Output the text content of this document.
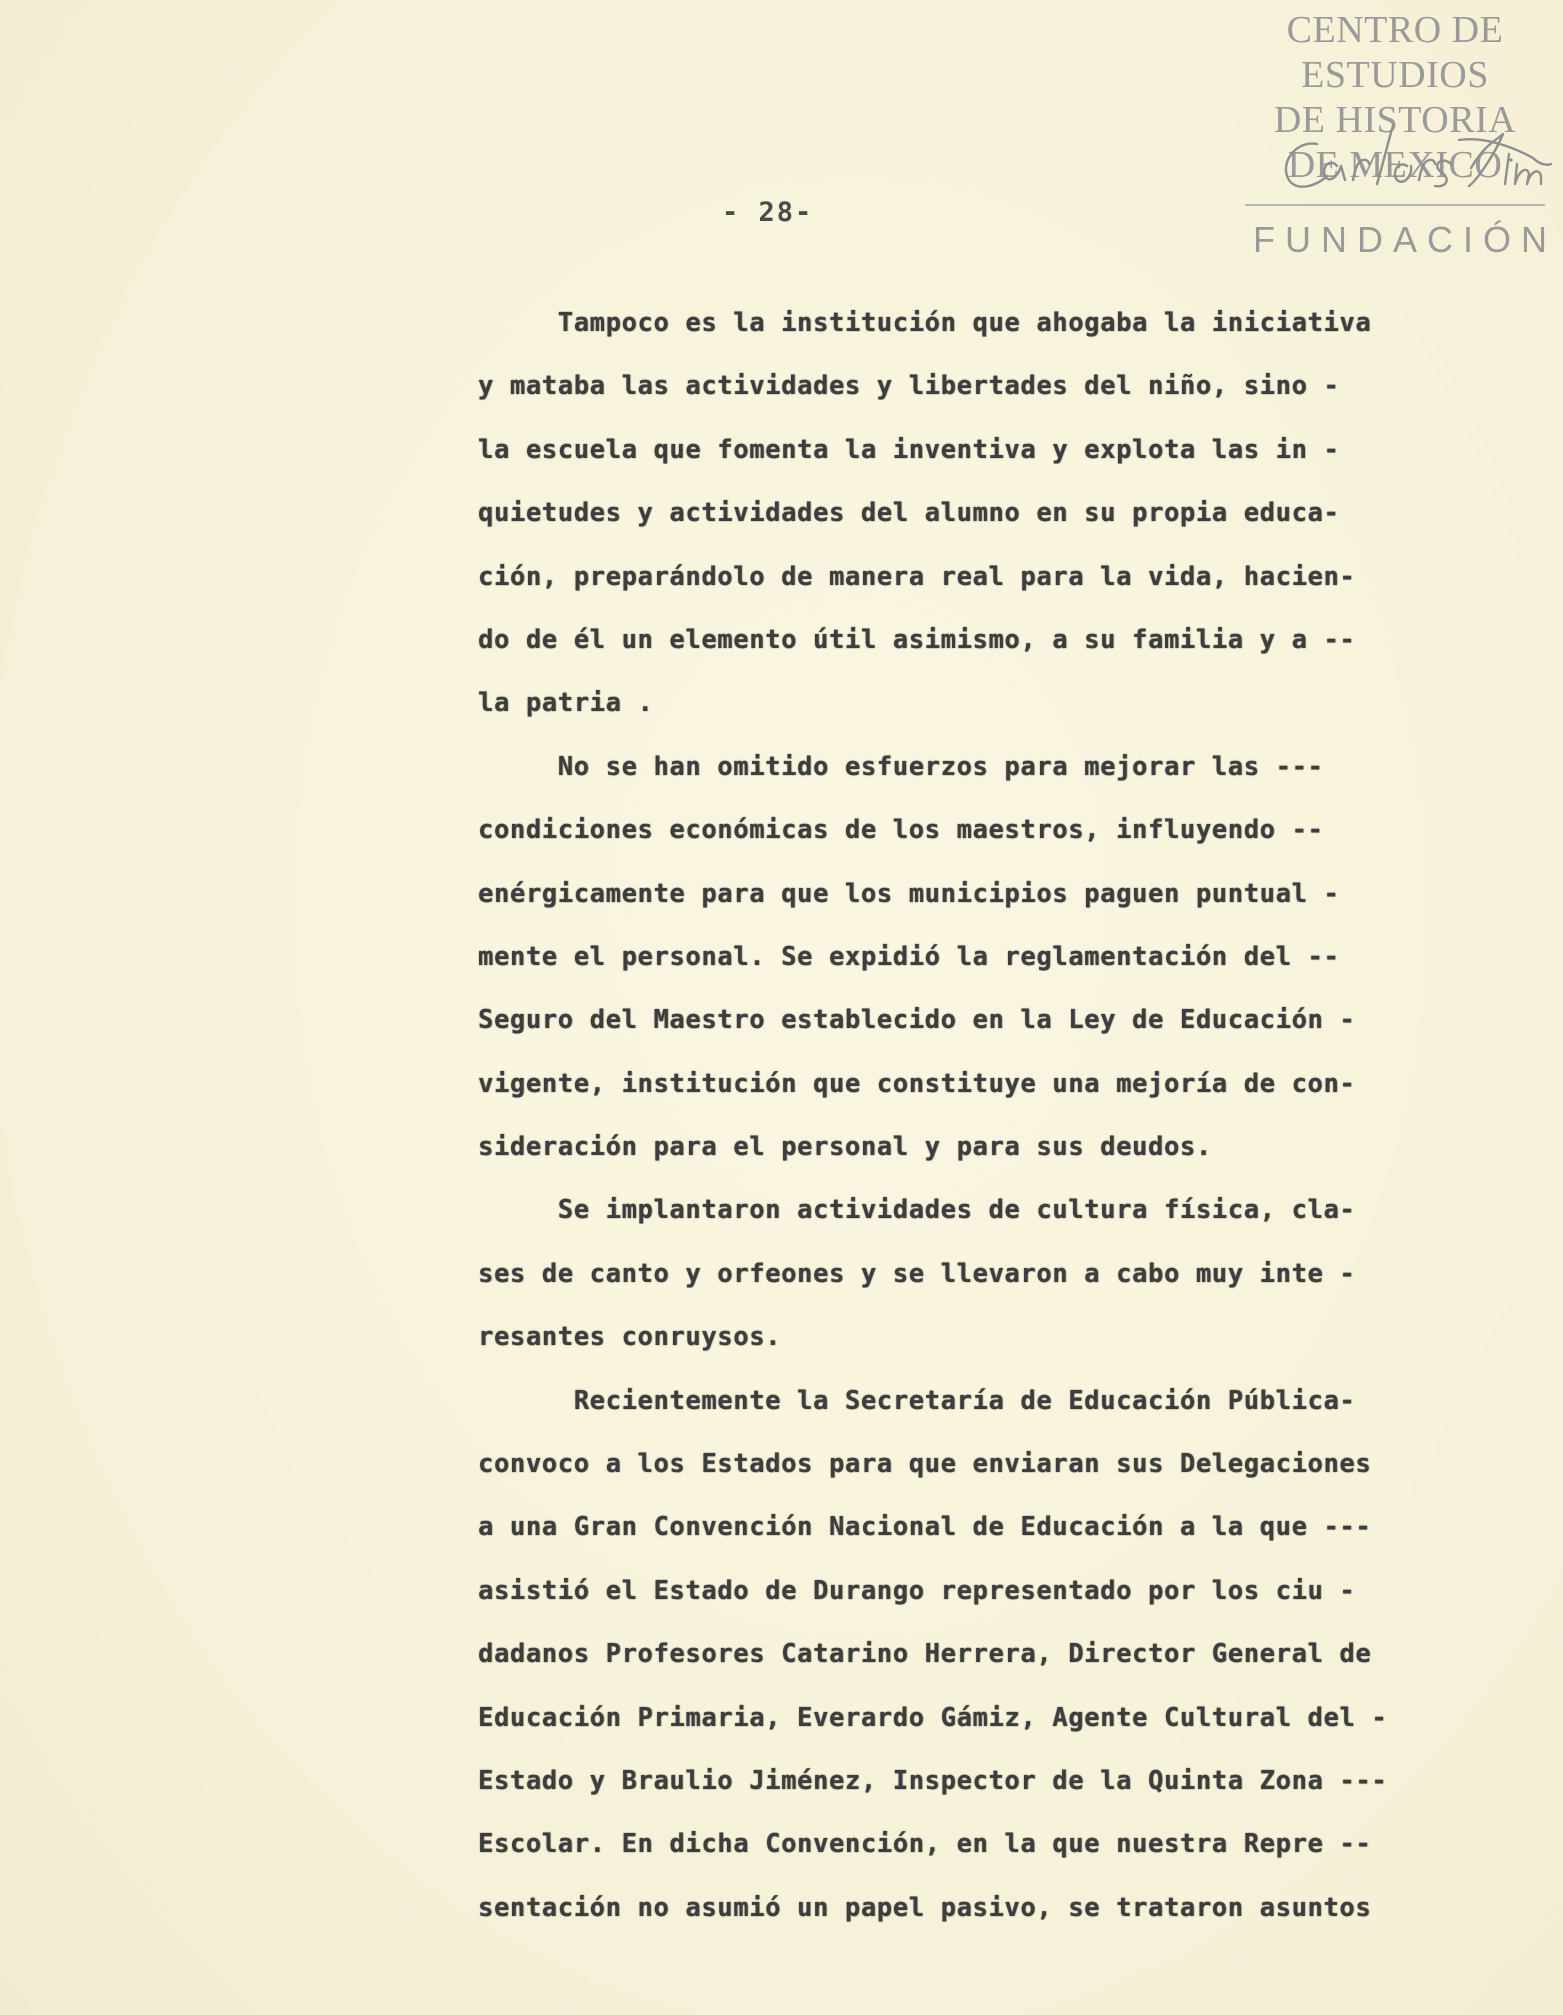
CENTRO DE
ESTUDIOS
DE HISTORIA
DE MEXICO
FUNDACIÓN
- 28-
Tampoco es la institución que ahogaba la iniciativa
y mataba las actividades y libertades del niño, sino -
la escuela que fomenta la inventiva y explota las in -
quietudes y actividades del alumno en su propia educa-
ción, preparándolo de manera real para la vida, hacien-
do de él un elemento útil asimismo, a su familia y a --
la patria .
No se han omitido esfuerzos para mejorar las ---
condiciones económicas de los maestros, influyendo --
enérgicamente para que los municipios paguen puntual -
mente el personal. Se expidió la reglamentación del --
Seguro del Maestro establecido en la Ley de Educación -
vigente, institución que constituye una mejoría de con-
sideración para el personal y para sus deudos.
Se implantaron actividades de cultura física, cla-
ses de canto y orfeones y se llevaron a cabo muy inte -
resantes conruysos.
Recientemente la Secretaría de Educación Pública-
convoco a los Estados para que enviaran sus Delegaciones
a una Gran Convención Nacional de Educación a la que ---
asistió el Estado de Durango representado por los ciu -
dadanos Profesores Catarino Herrera, Director General de
Educación Primaria, Everardo Gámiz, Agente Cultural del -
Estado y Braulio Jiménez, Inspector de la Quinta Zona ---
Escolar. En dicha Convención, en la que nuestra Repre --
sentación no asumió un papel pasivo, se trataron asuntos
